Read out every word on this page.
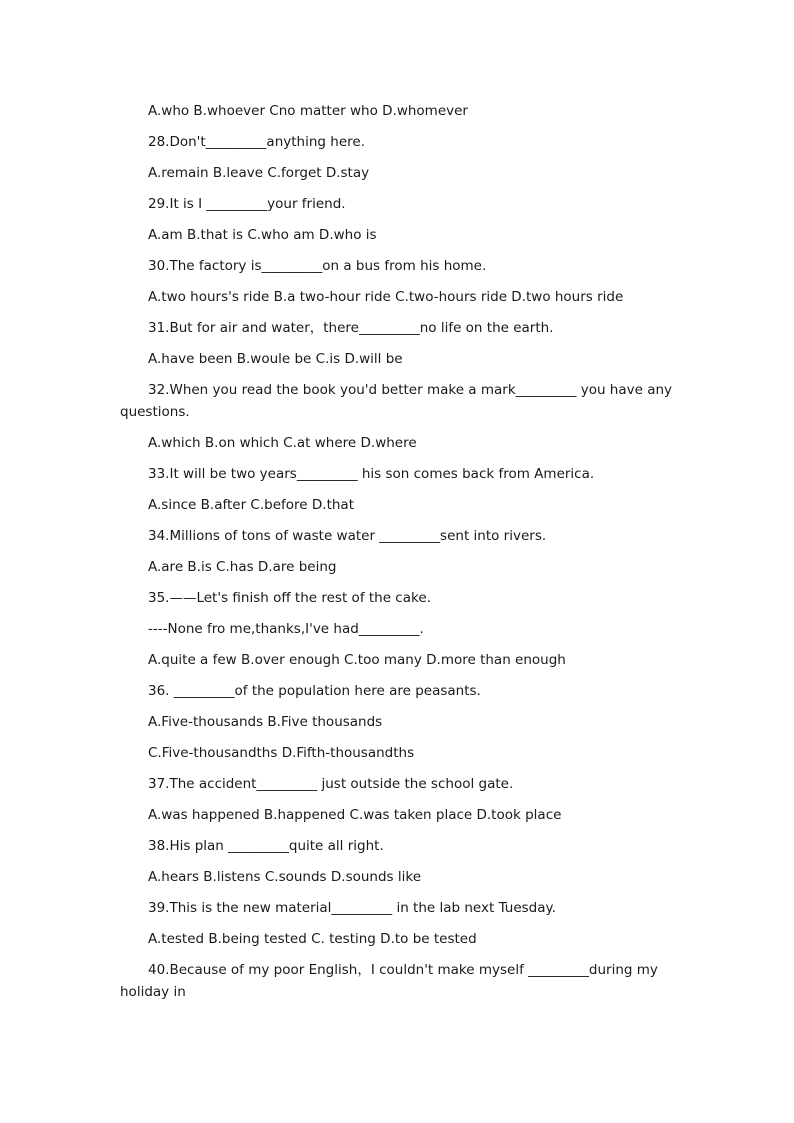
A.who B.whoever Cno matter who D.whomever

28.Don't_________anything here.

A.remain B.leave C.forget D.stay

29.It is I _________your friend.

A.am B.that is C.who am D.who is

30.The factory is_________on a bus from his home.

A.two hours's ride B.a two-hour ride C.two-hours ride D.two hours ride

31.But for air and water，there_________no life on the earth.

A.have been B.woule be C.is D.will be

32.When you read the book you'd better make a mark_________ you have any questions.

A.which B.on which C.at where D.where

33.It will be two years_________ his son comes back from America.

A.since B.after C.before D.that

34.Millions of tons of waste water _________sent into rivers.

A.are B.is C.has D.are being

35.——Let's finish off the rest of the cake.

----None fro me,thanks,I've had_________.

A.quite a few B.over enough C.too many D.more than enough

36. _________of the population here are peasants.

A.Five-thousands B.Five thousands

C.Five-thousandths D.Fifth-thousandths

37.The accident_________ just outside the school gate.

A.was happened B.happened C.was taken place D.took place

38.His plan _________quite all right.

A.hears B.listens C.sounds D.sounds like

39.This is the new material_________ in the lab next Tuesday.

A.tested B.being tested C. testing D.to be tested

40.Because of my poor English，I couldn't make myself _________during my holiday in
